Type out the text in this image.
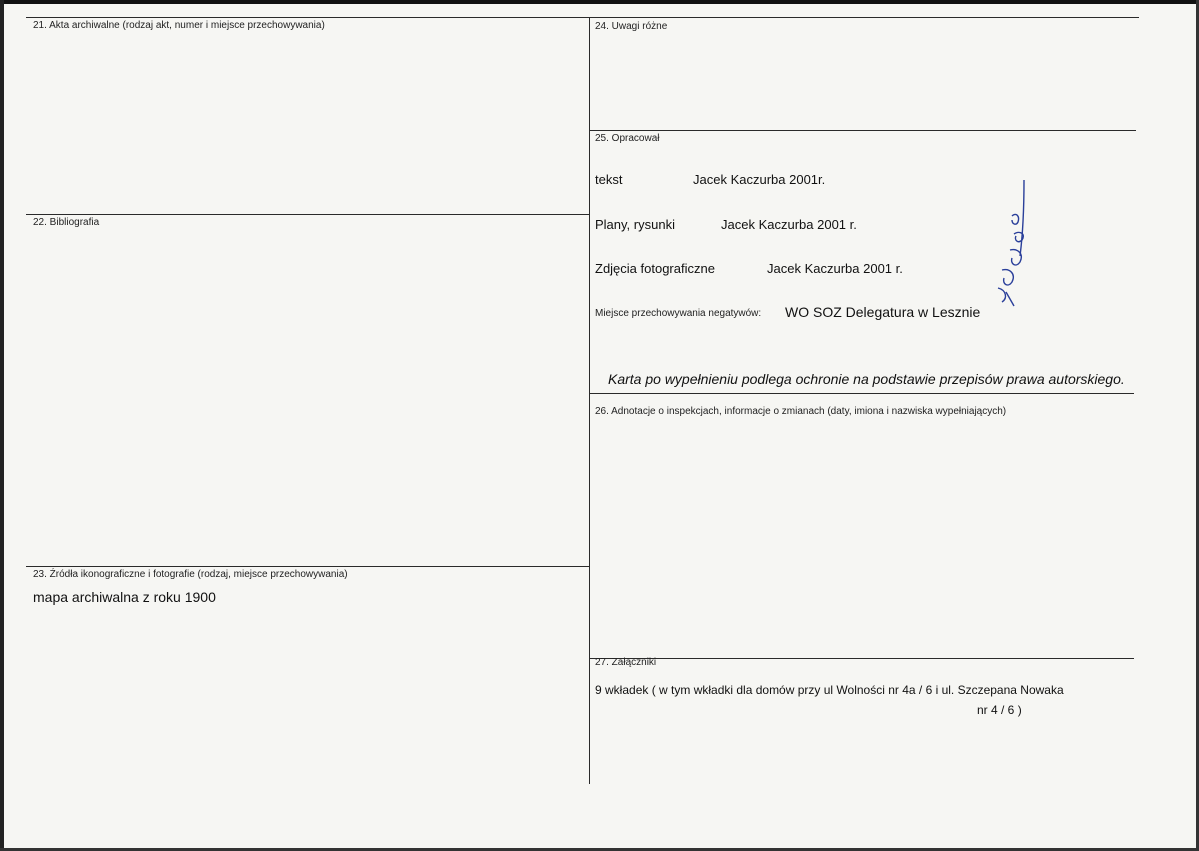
21. Akta archiwalne (rodzaj akt, numer i miejsce przechowywania)
22. Bibliografia
23. Źródła ikonograficzne i fotografie (rodzaj, miejsce przechowywania)
mapa archiwalna z roku 1900
24. Uwagi różne
25. Opracował
tekst	Jacek Kaczurba 2001r.
Plany, rysunki	Jacek Kaczurba 2001 r.
Zdjęcia fotograficzne	Jacek Kaczurba 2001 r.
Miejsce przechowywania negatywów: WO SOZ Delegatura w Lesznie
Karta po wypełnieniu podlega ochronie na podstawie przepisów prawa autorskiego.
26. Adnotacje o inspekcjach, informacje o zmianach (daty, imiona i nazwiska wypełniających)
27. Załączniki
9 wkładek ( w tym wkładki dla domów przy ul Wolności nr 4a / 6 i ul. Szczepana Nowaka
nr 4 / 6 )
